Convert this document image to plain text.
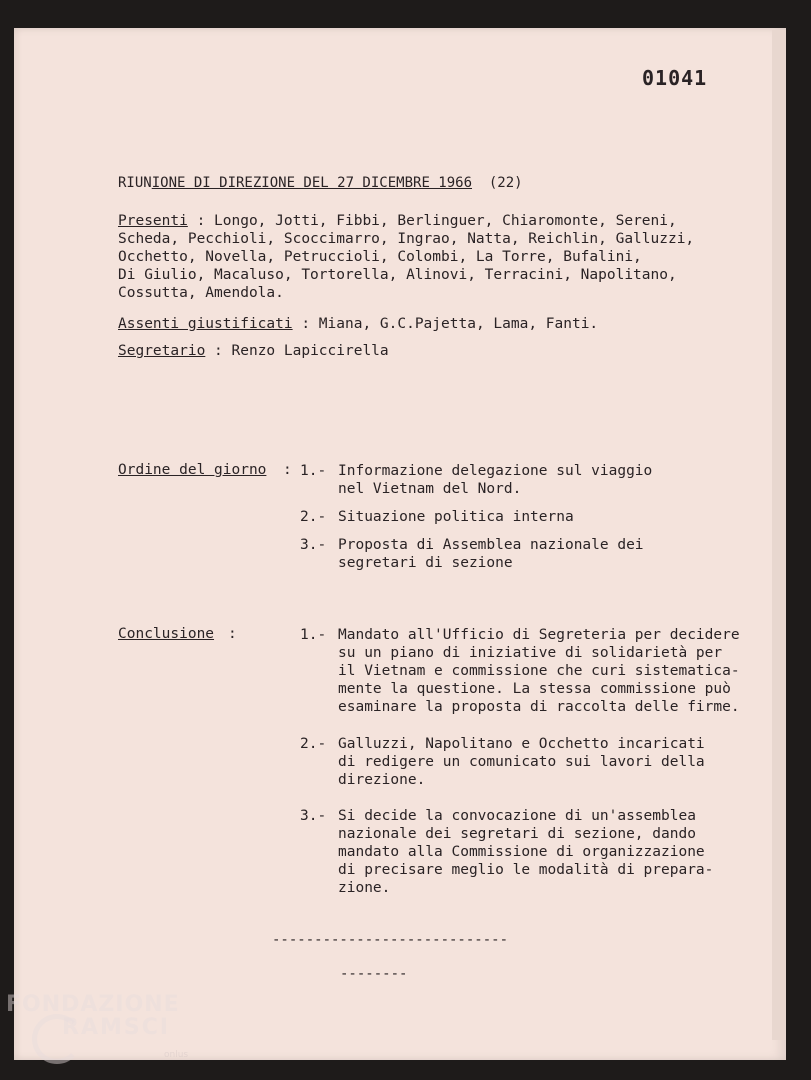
01041
RIUNIONE DI DIREZIONE DEL 27 DICEMBRE 1966 (22)
Presenti : Longo, Jotti, Fibbi, Berlinguer, Chiaromonte, Sereni,
Scheda, Pecchioli, Scoccimarro, Ingrao, Natta, Reichlin, Galluzzi,
Occhetto, Novella, Petruccioli, Colombi, La Torre, Bufalini,
Di Giulio, Macaluso, Tortorella, Alinovi, Terracini, Napolitano,
Cossutta, Amendola.
Assenti giustificati : Miana, G.C.Pajetta, Lama, Fanti.
Segretario : Renzo Lapiccirella
Ordine del giorno : 1.- Informazione delegazione sul viaggio
nel Vietnam del Nord.
2.- Situazione politica interna
3.- Proposta di Assemblea nazionale dei
segretari di sezione
Conclusione :	1.- Mandato all'Ufficio di Segreteria per decidere
su un piano di iniziative di solidarietà per
il Vietnam e commissione che curi sistematica-
mente la questione. La stessa commissione può
esaminare la proposta di raccolta delle firme.
2.- Galluzzi, Napolitano e Occhetto incaricati
di redigere un comunicato sui lavori della
direzione.
3.- Si decide la convocazione di un'assemblea
nazionale dei segretari di sezione, dando
mandato alla Commissione di organizzazione
di precisare meglio le modalità di prepara-
zione.
----------------------------
--------
FONDAZIONE
RAMSCI
onlus
